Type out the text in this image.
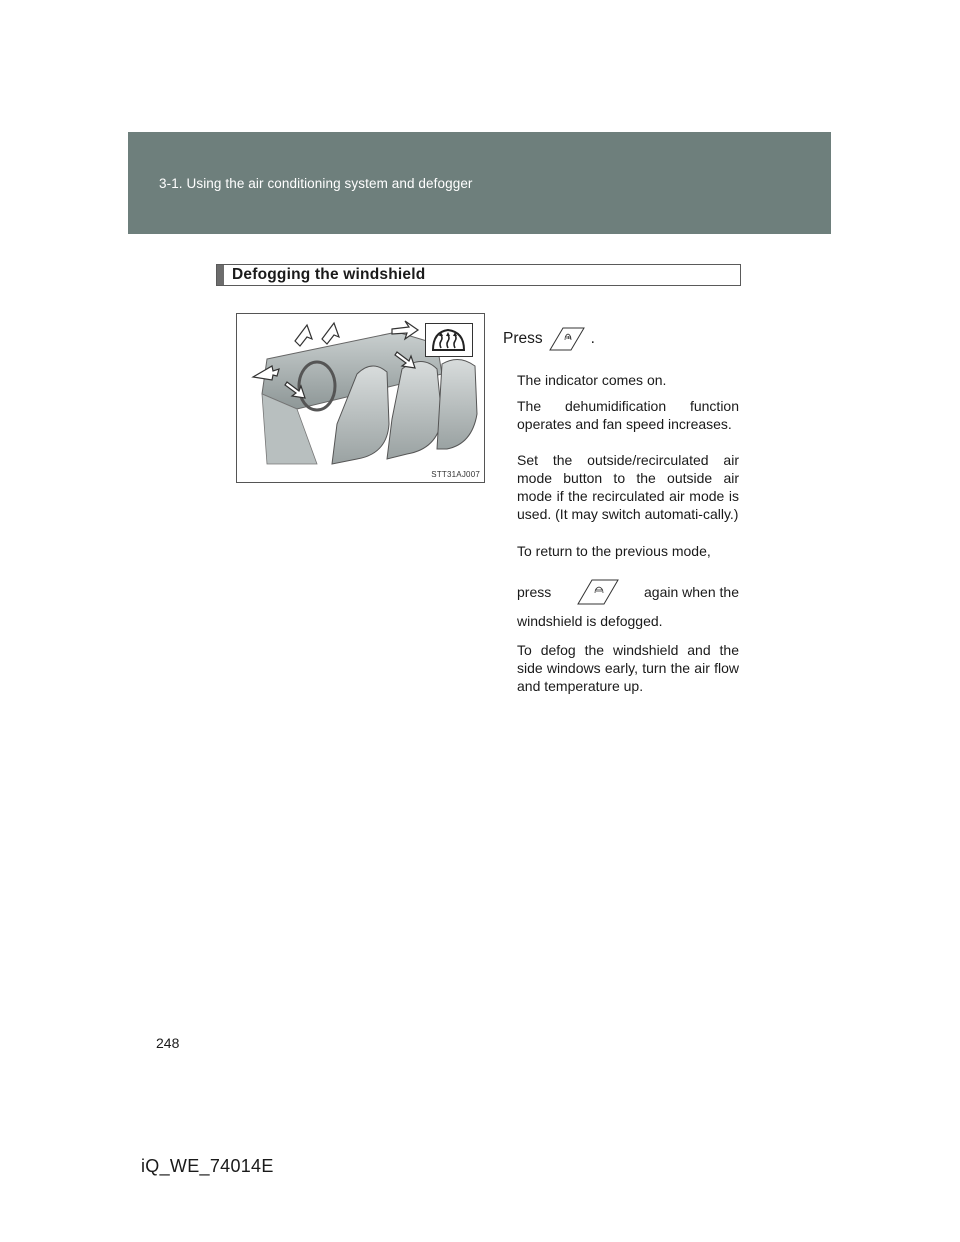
3-1. Using the air conditioning system and defogger
Defogging the windshield
STT31AJ007
Press	.
The indicator comes on.
The dehumidification function operates and fan speed increases.
Set the outside/recirculated air mode button to the outside air mode if the recirculated air mode is used. (It may switch automati-cally.)
To return to the previous mode,
press	again when the
windshield is defogged.
To defog the windshield and the side windows early, turn the air flow and temperature up.
248
iQ_WE_74014E
